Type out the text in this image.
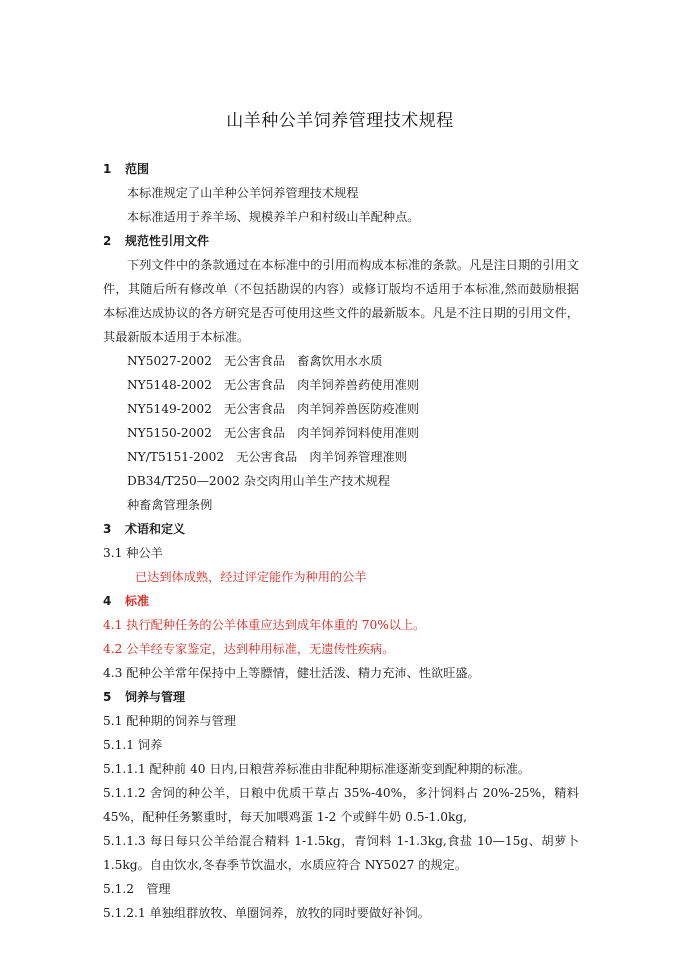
山羊种公羊饲养管理技术规程
1 范围
本标准规定了山羊种公羊饲养管理技术规程
本标准适用于养羊场、规模养羊户和村级山羊配种点。
2 规范性引用文件
下列文件中的条款通过在本标准中的引用而构成本标准的条款。凡是注日期的引用文件，其随后所有修改单（不包括勘误的内容）或修订版均不适用于本标准,然而鼓励根据本标准达成协议的各方研究是否可使用这些文件的最新版本。凡是不注日期的引用文件，其最新版本适用于本标准。
NY5027-2002　无公害食品　畜禽饮用水水质
NY5148-2002　无公害食品　肉羊饲养兽药使用准则
NY5149-2002　无公害食品　肉羊饲养兽医防疫准则
NY5150-2002　无公害食品　肉羊饲养饲料使用准则
NY/T5151-2002　无公害食品　肉羊饲养管理准则
DB34/T250—2002 杂交肉用山羊生产技术规程
种畜禽管理条例
3 术语和定义
3.1 种公羊
已达到体成熟，经过评定能作为种用的公羊
4 标准
4.1 执行配种任务的公羊体重应达到成年体重的 70%以上。
4.2 公羊经专家鉴定，达到种用标准，无遗传性疾病。
4.3 配种公羊常年保持中上等膘情，健壮活泼、精力充沛、性欲旺盛。
5 饲养与管理
5.1 配种期的饲养与管理
5.1.1 饲养
5.1.1.1 配种前 40 日内,日粮营养标准由非配种期标准逐渐变到配种期的标准。
5.1.1.2 舍饲的种公羊，日粮中优质干草占 35%-40%，多汁饲料占 20%-25%，精料 45%，配种任务繁重时，每天加喂鸡蛋 1-2 个或鲜牛奶 0.5-1.0kg,
5.1.1.3 每日每只公羊给混合精料 1-1.5kg，青饲料 1-1.3kg,食盐 10—15g、胡萝卜 1.5kg。自由饮水,冬春季节饮温水，水质应符合 NY5027 的规定。
5.1.2　管理
5.1.2.1 单独组群放牧、单圈饲养，放牧的同时要做好补饲。
